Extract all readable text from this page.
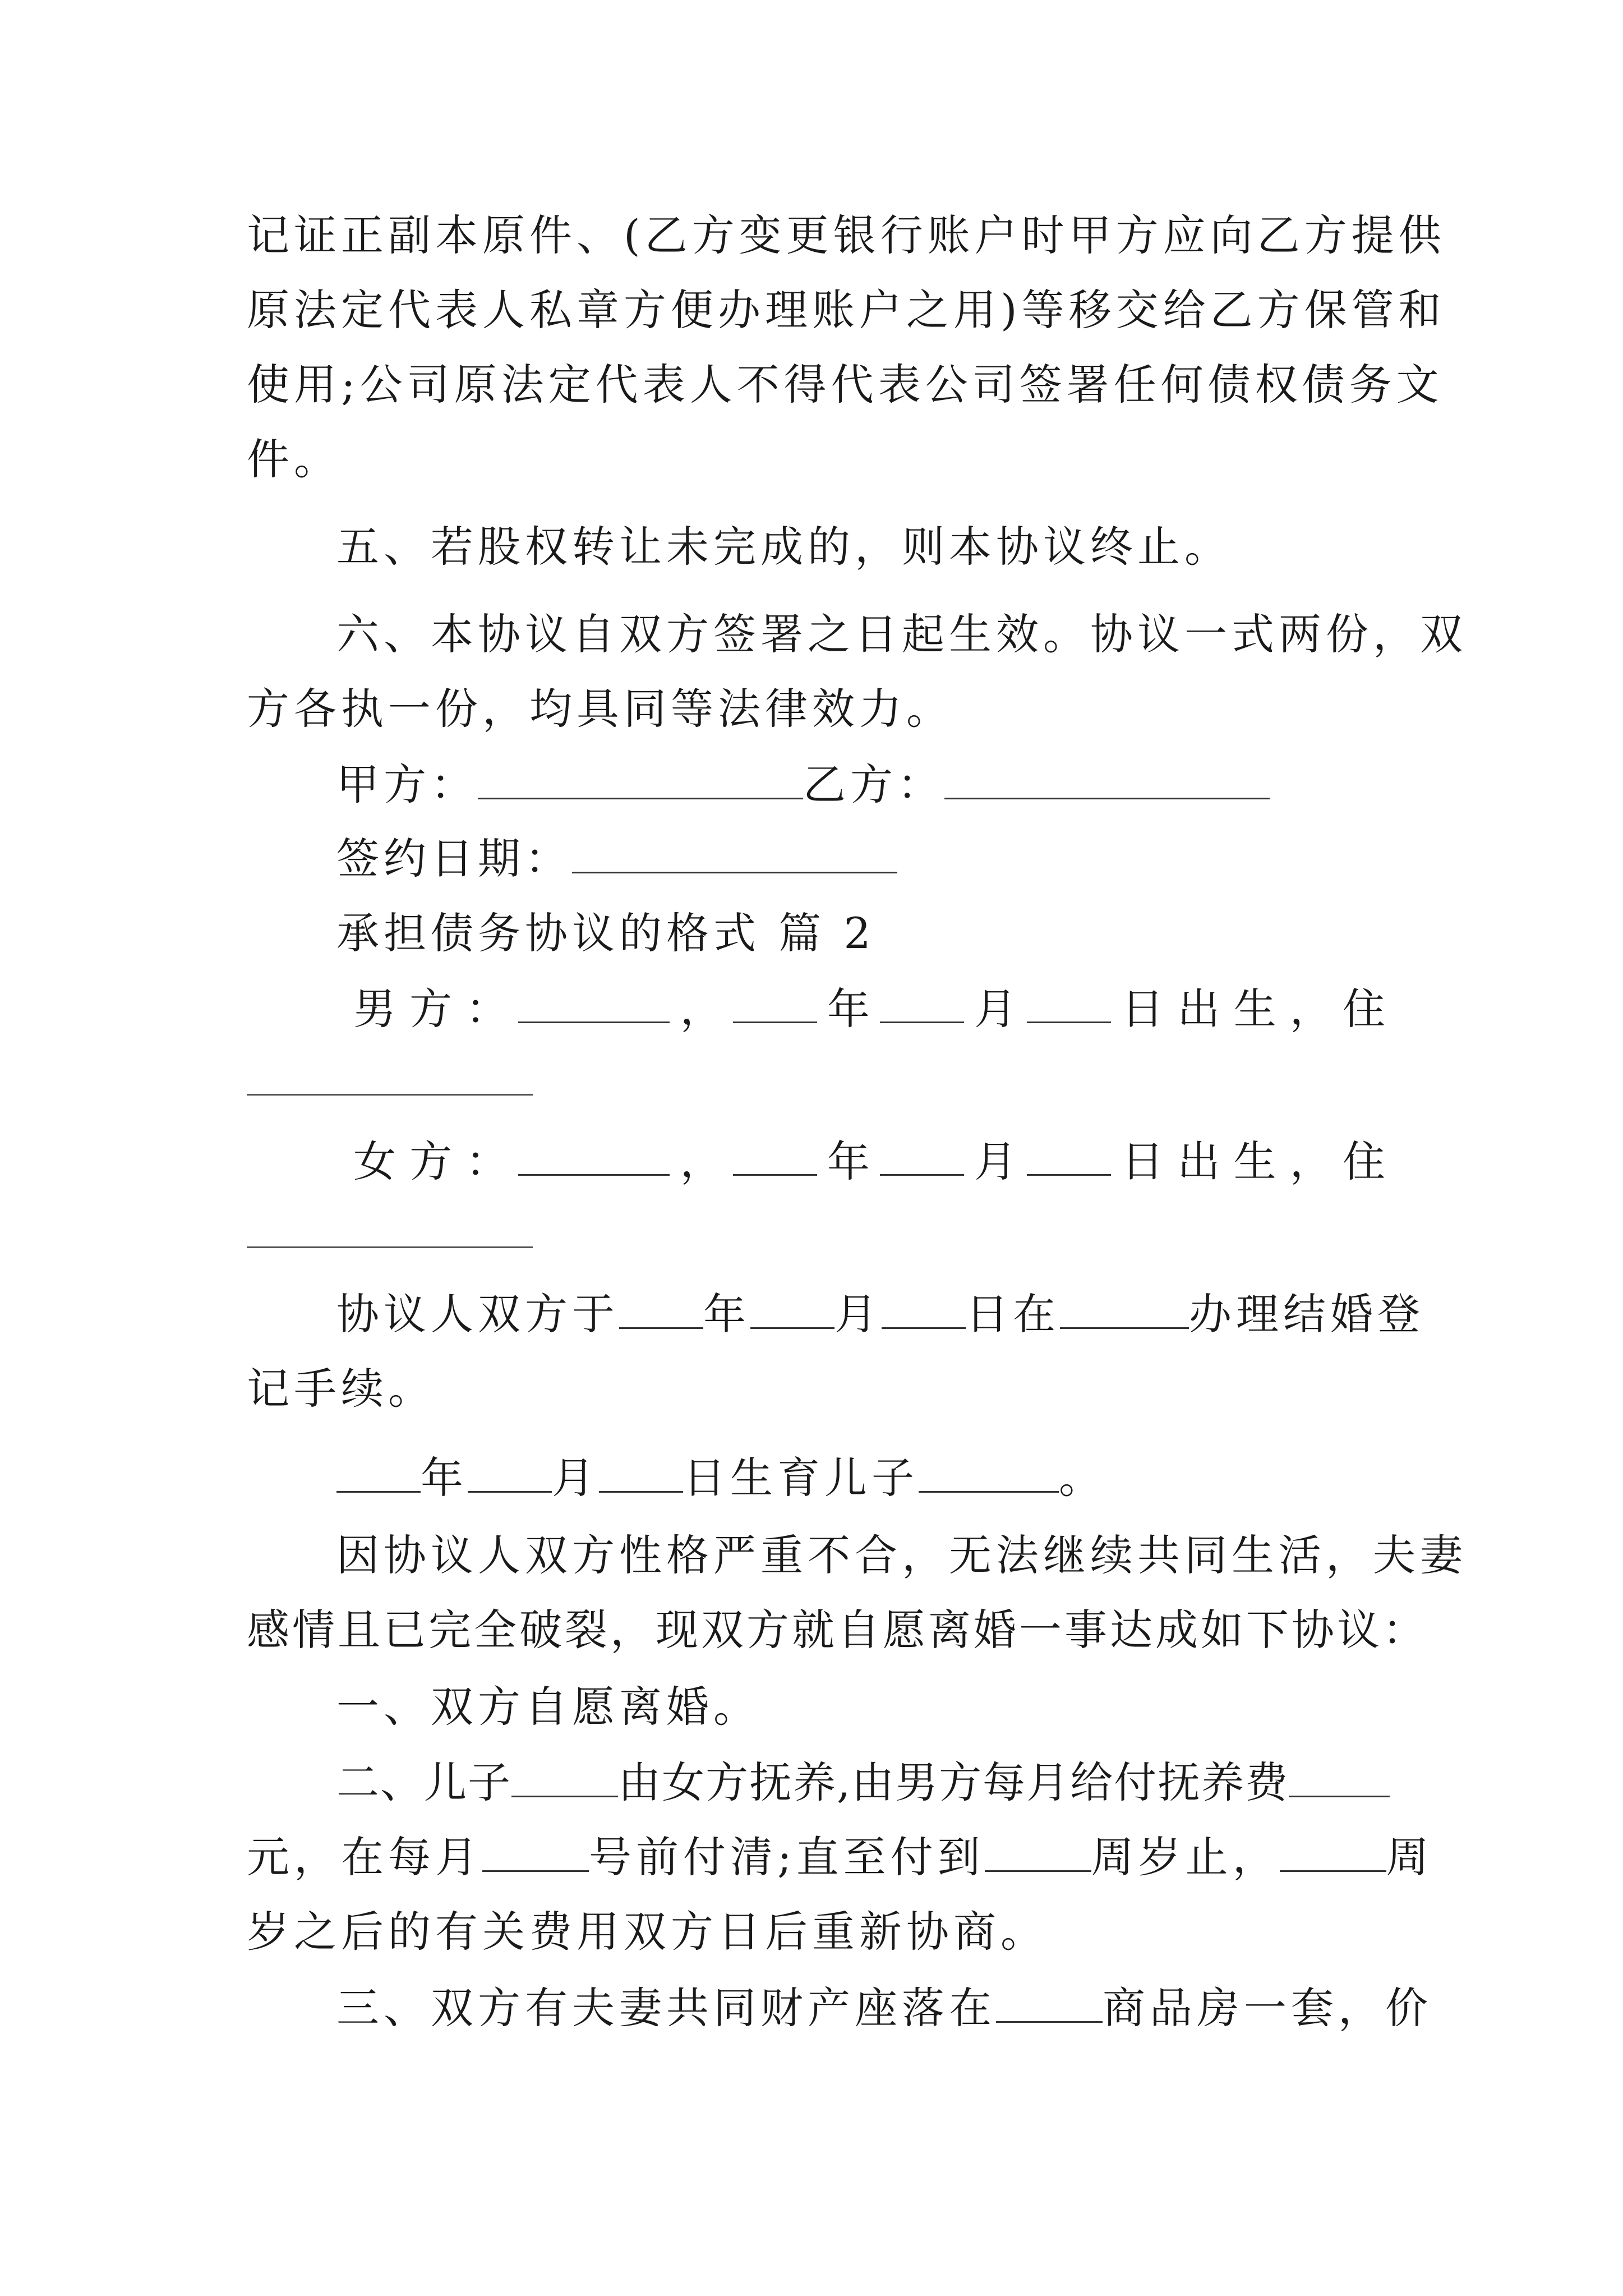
记证正副本原件、(乙方变更银行账户时甲方应向乙方提供
原法定代表人私章方便办理账户之用)等移交给乙方保管和
使用;公司原法定代表人不得代表公司签署任何债权债务文
件。
五、若股权转让未完成的，则本协议终止。
六、本协议自双方签署之日起生效。协议一式两份，双
方各执一份，均具同等法律效力。
甲方：	乙方：
签约日期：
承担债务协议的格式 篇 2
男 方 ：	， 年 月 日 出 生 ， 住
女 方 ：	， 年 月 日 出 生 ， 住
协议人双方于 年 月 日在	办理结婚登
记手续。
年 月 日生育儿子	。
因协议人双方性格严重不合，无法继续共同生活，夫妻
感情且已完全破裂，现双方就自愿离婚一事达成如下协议：
一、双方自愿离婚。
二、儿子	由女方抚养,由男方每月给付抚养费
元，在每月	号前付清;直至付到	周岁止，	周
岁之后的有关费用双方日后重新协商。
三、双方有夫妻共同财产座落在	商品房一套，价
